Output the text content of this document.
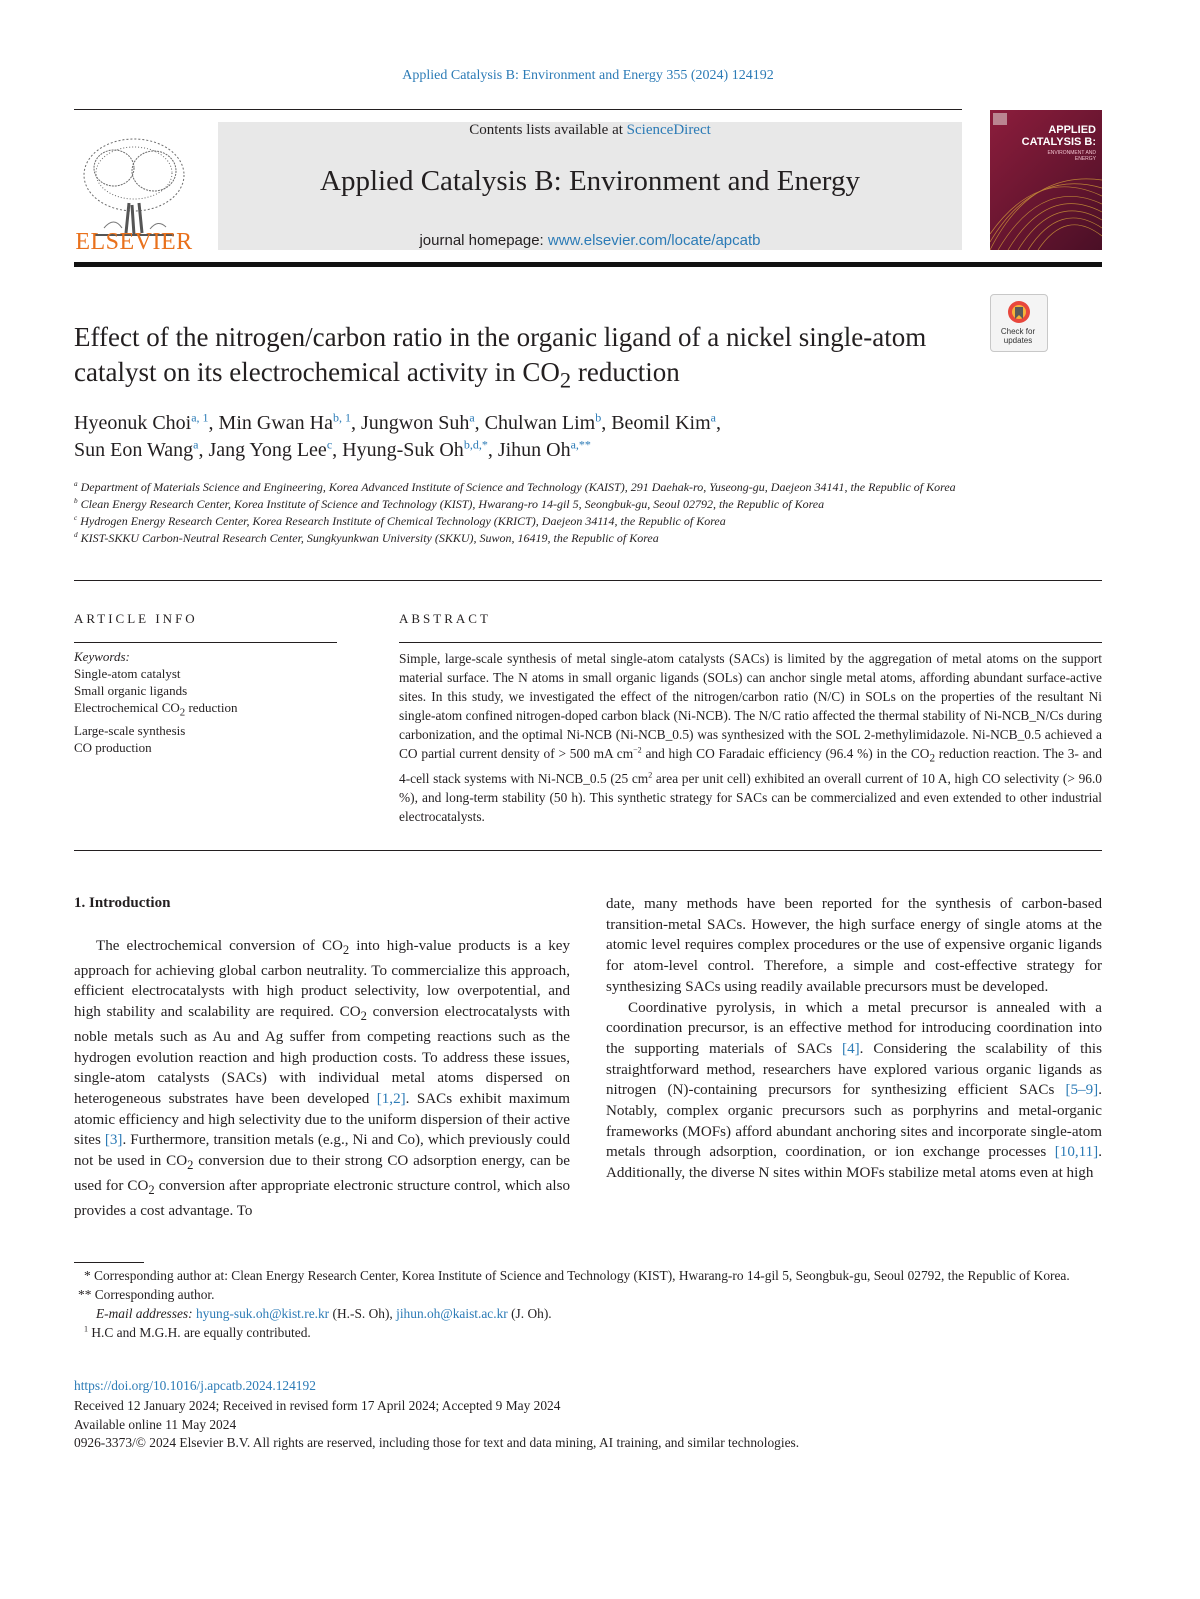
Applied Catalysis B: Environment and Energy 355 (2024) 124192
ELSEVIER
Contents lists available at ScienceDirect
Applied Catalysis B: Environment and Energy
journal homepage: www.elsevier.com/locate/apcatb
APPLIED
CATALYSIS B:
ENVIRONMENT AND ENERGY
Check for updates
Effect of the nitrogen/carbon ratio in the organic ligand of a nickel single-atom catalyst on its electrochemical activity in $CO_2$ reduction
Hyeonuk Choi$^{a, 1}$, Min Gwan Ha$^{b, 1}$, Jungwon Suh$^a$, Chulwan Lim$^b$, Beomil Kim$^a$,
Sun Eon Wang$^a$, Jang Yong Lee$^c$, Hyung-Suk Oh$^{b,d,*}$, Jihun Oh$^{a,**}$
$^a$ Department of Materials Science and Engineering, Korea Advanced Institute of Science and Technology (KAIST), 291 Daehak-ro, Yuseong-gu, Daejeon 34141, the Republic of Korea
$^b$ Clean Energy Research Center, Korea Institute of Science and Technology (KIST), Hwarang-ro 14-gil 5, Seongbuk-gu, Seoul 02792, the Republic of Korea
$^c$ Hydrogen Energy Research Center, Korea Research Institute of Chemical Technology (KRICT), Daejeon 34114, the Republic of Korea
$^d$ KIST-SKKU Carbon-Neutral Research Center, Sungkyunkwan University (SKKU), Suwon, 16419, the Republic of Korea
ARTICLE INFO	ABSTRACT
Keywords:
Single-atom catalyst
Small organic ligands
Electrochemical $CO_2$ reduction
Large-scale synthesis
CO production
Simple, large-scale synthesis of metal single-atom catalysts (SACs) is limited by the aggregation of metal atoms on the support material surface. The N atoms in small organic ligands (SOLs) can anchor single metal atoms, affording abundant surface-active sites. In this study, we investigated the effect of the nitrogen/carbon ratio (N/C) in SOLs on the properties of the resultant Ni single-atom confined nitrogen-doped carbon black (Ni-NCB). The N/C ratio affected the thermal stability of Ni-NCB_N/Cs during carbonization, and the optimal Ni-NCB (Ni-NCB_0.5) was synthesized with the SOL 2-methylimidazole. Ni-NCB_0.5 achieved a CO partial current density of > 500 mA $cm^{-2}$ and high CO Faradaic efficiency (96.4 %) in the $CO_2$ reduction reaction. The 3- and 4-cell stack systems with Ni-NCB_0.5 (25 $cm^2$ area per unit cell) exhibited an overall current of 10 A, high CO selectivity (> 96.0 %), and long-term stability (50 h). This synthetic strategy for SACs can be commercialized and even extended to other industrial electrocatalysts.
1. Introduction

The electrochemical conversion of $CO_2$ into high-value products is a key approach for achieving global carbon neutrality. To commercialize this approach, efficient electrocatalysts with high product selectivity, low overpotential, and high stability and scalability are required. $CO_2$ conversion electrocatalysts with noble metals such as Au and Ag suffer from competing reactions such as the hydrogen evolution reaction and high production costs. To address these issues, single-atom catalysts (SACs) with individual metal atoms dispersed on heterogeneous substrates have been developed [1,2]. SACs exhibit maximum atomic efficiency and high selectivity due to the uniform dispersion of their active sites [3]. Furthermore, transition metals (e.g., Ni and Co), which previously could not be used in $CO_2$ conversion due to their strong CO adsorption energy, can be used for $CO_2$ conversion after appropriate electronic structure control, which also provides a cost advantage. To

date, many methods have been reported for the synthesis of carbon-based transition-metal SACs. However, the high surface energy of single atoms at the atomic level requires complex procedures or the use of expensive organic ligands for atom-level control. Therefore, a simple and cost-effective strategy for synthesizing SACs using readily available precursors must be developed.

Coordinative pyrolysis, in which a metal precursor is annealed with a coordination precursor, is an effective method for introducing coordination into the supporting materials of SACs [4]. Considering the scalability of this straightforward method, researchers have explored various organic ligands as nitrogen (N)-containing precursors for synthesizing efficient SACs [5–9]. Notably, complex organic precursors such as porphyrins and metal-organic frameworks (MOFs) afford abundant anchoring sites and incorporate single-atom metals through adsorption, coordination, or ion exchange processes [10,11]. Additionally, the diverse N sites within MOFs stabilize metal atoms even at high

* Corresponding author at: Clean Energy Research Center, Korea Institute of Science and Technology (KIST), Hwarang-ro 14-gil 5, Seongbuk-gu, Seoul 02792, the Republic of Korea.
** Corresponding author.
E-mail addresses: hyung-suk.oh@kist.re.kr (H.-S. Oh), jihun.oh@kaist.ac.kr (J. Oh).
$^1$ H.C and M.G.H. are equally contributed.
https://doi.org/10.1016/j.apcatb.2024.124192
Received 12 January 2024; Received in revised form 17 April 2024; Accepted 9 May 2024
Available online 11 May 2024
0926-3373/© 2024 Elsevier B.V. All rights are reserved, including those for text and data mining, AI training, and similar technologies.
